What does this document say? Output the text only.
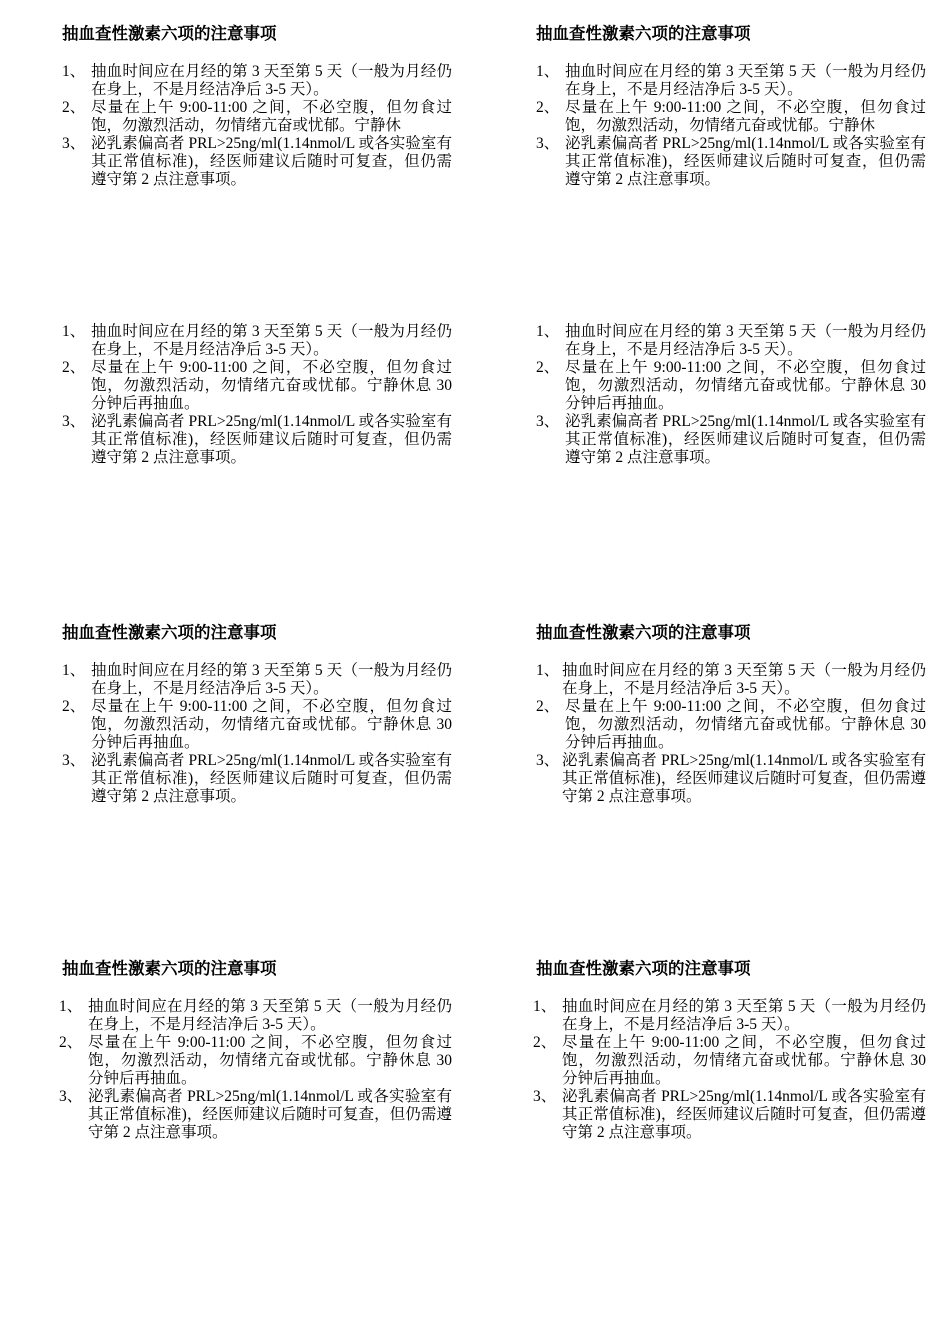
抽血查性激素六项的注意事项
1、 抽血时间应在月经的第 3 天至第 5 天（一般为月经仍在身上，不是月经洁净后 3-5 天）。
2、 尽量在上午 9:00-11:00 之间，不必空腹，但勿食过饱，勿激烈活动，勿情绪亢奋或忧郁。宁静休
3、 泌乳素偏高者 PRL>25ng/ml(1.14nmol/L 或各实验室有其正常值标准)，经医师建议后随时可复查，但仍需遵守第 2 点注意事项。
抽血查性激素六项的注意事项
1、 抽血时间应在月经的第 3 天至第 5 天（一般为月经仍在身上，不是月经洁净后 3-5 天）。
2、 尽量在上午 9:00-11:00 之间，不必空腹，但勿食过饱，勿激烈活动，勿情绪亢奋或忧郁。宁静休
3、 泌乳素偏高者 PRL>25ng/ml(1.14nmol/L 或各实验室有其正常值标准)，经医师建议后随时可复查，但仍需遵守第 2 点注意事项。
1、 抽血时间应在月经的第 3 天至第 5 天（一般为月经仍在身上，不是月经洁净后 3-5 天）。
2、 尽量在上午 9:00-11:00 之间，不必空腹，但勿食过饱，勿激烈活动，勿情绪亢奋或忧郁。宁静休息 30 分钟后再抽血。
3、 泌乳素偏高者 PRL>25ng/ml(1.14nmol/L 或各实验室有其正常值标准)，经医师建议后随时可复查，但仍需遵守第 2 点注意事项。
1、 抽血时间应在月经的第 3 天至第 5 天（一般为月经仍在身上，不是月经洁净后 3-5 天）。
2、 尽量在上午 9:00-11:00 之间，不必空腹，但勿食过饱，勿激烈活动，勿情绪亢奋或忧郁。宁静休息 30 分钟后再抽血。
3、 泌乳素偏高者 PRL>25ng/ml(1.14nmol/L 或各实验室有其正常值标准)，经医师建议后随时可复查，但仍需遵守第 2 点注意事项。
抽血查性激素六项的注意事项
1、 抽血时间应在月经的第 3 天至第 5 天（一般为月经仍在身上，不是月经洁净后 3-5 天）。
2、 尽量在上午 9:00-11:00 之间，不必空腹，但勿食过饱，勿激烈活动，勿情绪亢奋或忧郁。宁静休息 30 分钟后再抽血。
3、 泌乳素偏高者 PRL>25ng/ml(1.14nmol/L 或各实验室有其正常值标准)，经医师建议后随时可复查，但仍需遵守第 2 点注意事项。
抽血查性激素六项的注意事项
1、 抽血时间应在月经的第 3 天至第 5 天（一般为月经仍在身上，不是月经洁净后 3-5 天）。
2、 尽量在上午 9:00-11:00 之间，不必空腹，但勿食过饱，勿激烈活动，勿情绪亢奋或忧郁。宁静休息 30 分钟后再抽血。
3、 泌乳素偏高者 PRL>25ng/ml(1.14nmol/L 或各实验室有其正常值标准)，经医师建议后随时可复查，但仍需遵守第 2 点注意事项。
抽血查性激素六项的注意事项
1、 抽血时间应在月经的第 3 天至第 5 天（一般为月经仍在身上，不是月经洁净后 3-5 天）。
2、 尽量在上午 9:00-11:00 之间，不必空腹，但勿食过饱，勿激烈活动，勿情绪亢奋或忧郁。宁静休息 30 分钟后再抽血。
3、 泌乳素偏高者 PRL>25ng/ml(1.14nmol/L 或各实验室有其正常值标准)，经医师建议后随时可复查，但仍需遵守第 2 点注意事项。
抽血查性激素六项的注意事项
1、 抽血时间应在月经的第 3 天至第 5 天（一般为月经仍在身上，不是月经洁净后 3-5 天）。
2、 尽量在上午 9:00-11:00 之间，不必空腹，但勿食过饱，勿激烈活动，勿情绪亢奋或忧郁。宁静休息 30 分钟后再抽血。
3、 泌乳素偏高者 PRL>25ng/ml(1.14nmol/L 或各实验室有其正常值标准)，经医师建议后随时可复查，但仍需遵守第 2 点注意事项。
